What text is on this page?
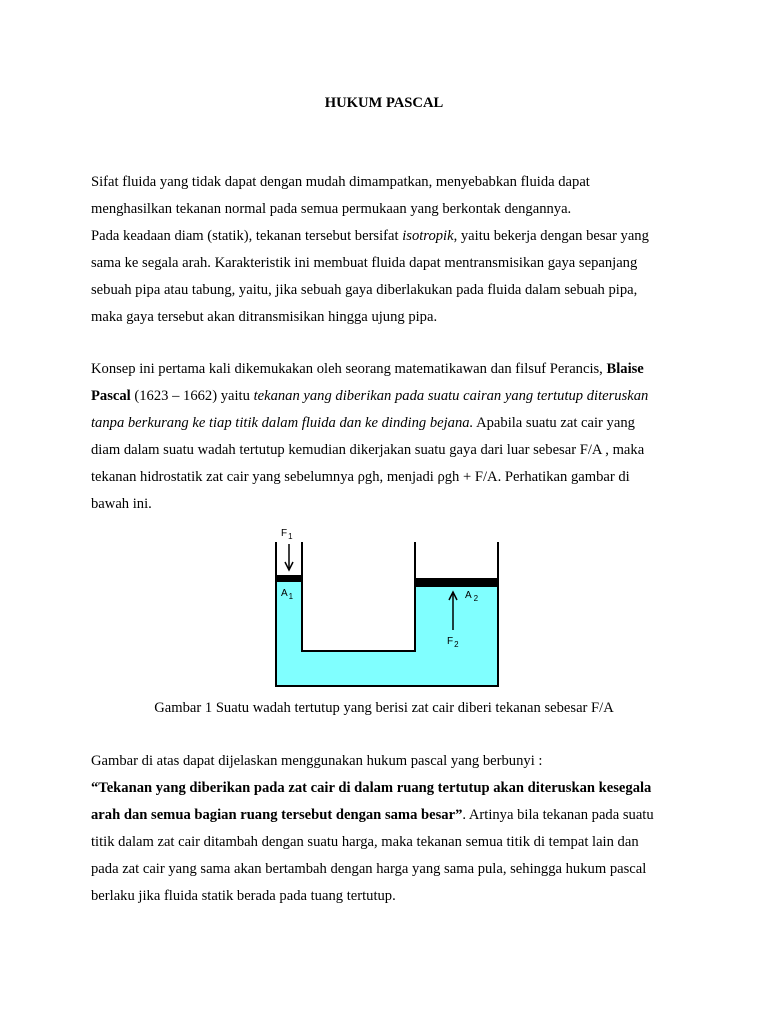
HUKUM PASCAL

Sifat fluida yang tidak dapat dengan mudah dimampatkan, menyebabkan fluida dapat
menghasilkan tekanan normal pada semua permukaan yang berkontak dengannya.
Pada keadaan diam (statik), tekanan tersebut bersifat isotropik, yaitu bekerja dengan besar yang
sama ke segala arah. Karakteristik ini membuat fluida dapat mentransmisikan gaya sepanjang
sebuah pipa atau tabung, yaitu, jika sebuah gaya diberlakukan pada fluida dalam sebuah pipa,
maka gaya tersebut akan ditransmisikan hingga ujung pipa.

Konsep ini pertama kali dikemukakan oleh seorang matematikawan dan filsuf Perancis, Blaise
Pascal (1623 – 1662) yaitu tekanan yang diberikan pada suatu cairan yang tertutup diteruskan
tanpa berkurang ke tiap titik dalam fluida dan ke dinding bejana. Apabila suatu zat cair yang
diam dalam suatu wadah tertutup kemudian dikerjakan suatu gaya dari luar sebesar F/A , maka
tekanan hidrostatik zat cair yang sebelumnya ρgh, menjadi ρgh + F/A. Perhatikan gambar di
bawah ini.

$F_1$
$A_1$	A $_2$
$F_2$
Gambar 1 Suatu wadah tertutup yang berisi zat cair diberi tekanan sebesar F/A

Gambar di atas dapat dijelaskan menggunakan hukum pascal yang berbunyi :
“Tekanan yang diberikan pada zat cair di dalam ruang tertutup akan diteruskan kesegala
arah dan semua bagian ruang tersebut dengan sama besar”. Artinya bila tekanan pada suatu
titik dalam zat cair ditambah dengan suatu harga, maka tekanan semua titik di tempat lain dan
pada zat cair yang sama akan bertambah dengan harga yang sama pula, sehingga hukum pascal
berlaku jika fluida statik berada pada tuang tertutup.
